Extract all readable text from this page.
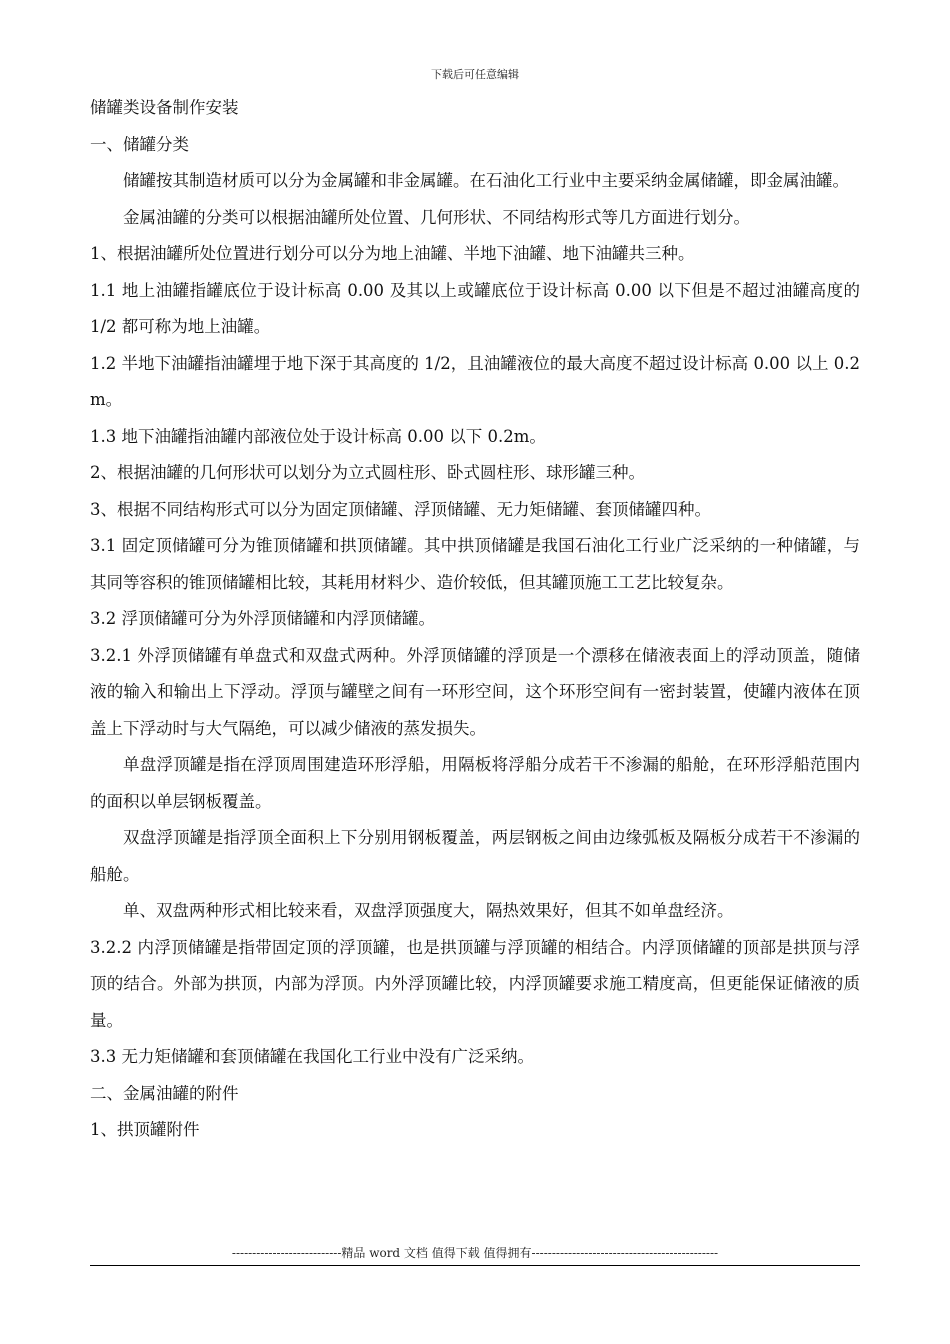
下载后可任意编辑

储罐类设备制作安装

一、储罐分类

储罐按其制造材质可以分为金属罐和非金属罐。在石油化工行业中主要采纳金属储罐，即金属油罐。

金属油罐的分类可以根据油罐所处位置、几何形状、不同结构形式等几方面进行划分。

1、根据油罐所处位置进行划分可以分为地上油罐、半地下油罐、地下油罐共三种。

1.1 地上油罐指罐底位于设计标高 0.00 及其以上或罐底位于设计标高 0.00 以下但是不超过油罐高度的 1/2 都可称为地上油罐。

1.2 半地下油罐指油罐埋于地下深于其高度的 1/2，且油罐液位的最大高度不超过设计标高 0.00 以上 0.2m。

1.3 地下油罐指油罐内部液位处于设计标高 0.00 以下 0.2m。

2、根据油罐的几何形状可以划分为立式圆柱形、卧式圆柱形、球形罐三种。

3、根据不同结构形式可以分为固定顶储罐、浮顶储罐、无力矩储罐、套顶储罐四种。

3.1 固定顶储罐可分为锥顶储罐和拱顶储罐。其中拱顶储罐是我国石油化工行业广泛采纳的一种储罐，与其同等容积的锥顶储罐相比较，其耗用材料少、造价较低，但其罐顶施工工艺比较复杂。

3.2 浮顶储罐可分为外浮顶储罐和内浮顶储罐。

3.2.1 外浮顶储罐有单盘式和双盘式两种。外浮顶储罐的浮顶是一个漂移在储液表面上的浮动顶盖，随储液的输入和输出上下浮动。浮顶与罐壁之间有一环形空间，这个环形空间有一密封装置，使罐内液体在顶盖上下浮动时与大气隔绝，可以减少储液的蒸发损失。

单盘浮顶罐是指在浮顶周围建造环形浮船，用隔板将浮船分成若干不渗漏的船舱，在环形浮船范围内的面积以单层钢板覆盖。

双盘浮顶罐是指浮顶全面积上下分别用钢板覆盖，两层钢板之间由边缘弧板及隔板分成若干不渗漏的船舱。

单、双盘两种形式相比较来看，双盘浮顶强度大，隔热效果好，但其不如单盘经济。

3.2.2 内浮顶储罐是指带固定顶的浮顶罐，也是拱顶罐与浮顶罐的相结合。内浮顶储罐的顶部是拱顶与浮顶的结合。外部为拱顶，内部为浮顶。内外浮顶罐比较，内浮顶罐要求施工精度高，但更能保证储液的质量。

3.3 无力矩储罐和套顶储罐在我国化工行业中没有广泛采纳。

二、金属油罐的附件

1、拱顶罐附件

---------------------------精品 word 文档 值得下载 值得拥有----------------------------------------------
